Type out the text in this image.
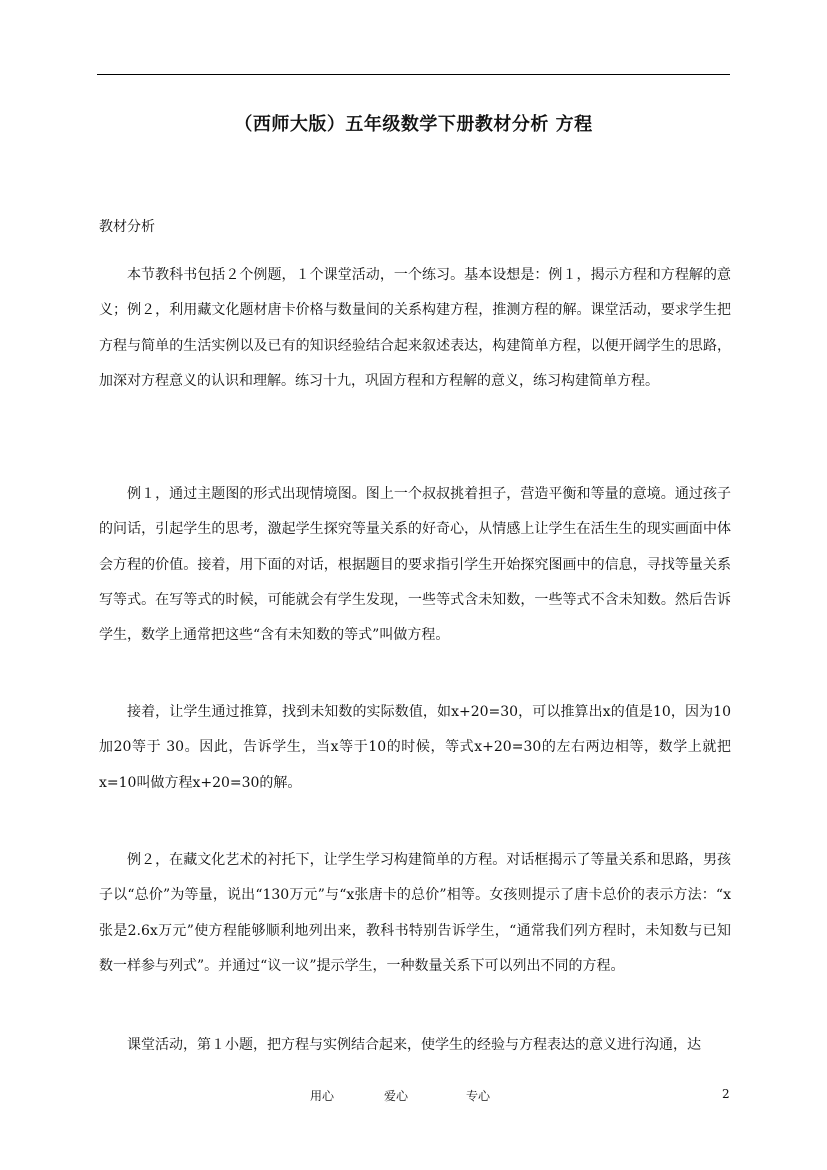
（西师大版）五年级数学下册教材分析 方程
教材分析

本节教科书包括２个例题，１个课堂活动，一个练习。基本设想是：例１，揭示方程和方程解的意义；例２，利用藏文化题材唐卡价格与数量间的关系构建方程，推测方程的解。课堂活动，要求学生把方程与简单的生活实例以及已有的知识经验结合起来叙述表达，构建简单方程，以便开阔学生的思路，加深对方程意义的认识和理解。练习十九，巩固方程和方程解的意义，练习构建简单方程。

例１，通过主题图的形式出现情境图。图上一个叔叔挑着担子，营造平衡和等量的意境。通过孩子的问话，引起学生的思考，激起学生探究等量关系的好奇心，从情感上让学生在活生生的现实画面中体会方程的价值。接着，用下面的对话，根据题目的要求指引学生开始探究图画中的信息，寻找等量关系写等式。在写等式的时候，可能就会有学生发现，一些等式含未知数，一些等式不含未知数。然后告诉学生，数学上通常把这些“含有未知数的等式”叫做方程。

接着，让学生通过推算，找到未知数的实际数值，如x+20=30，可以推算出x的值是10，因为10加20等于 30。因此，告诉学生，当x等于10的时候，等式x+20=30的左右两边相等，数学上就把x=10叫做方程x+20=30的解。

例２，在藏文化艺术的衬托下，让学生学习构建简单的方程。对话框揭示了等量关系和思路，男孩子以“总价”为等量，说出“130万元”与“x张唐卡的总价”相等。女孩则提示了唐卡总价的表示方法：“x张是2.6x万元”使方程能够顺利地列出来，教科书特别告诉学生，“通常我们列方程时，未知数与已知数一样参与列式”。并通过“议一议”提示学生，一种数量关系下可以列出不同的方程。

课堂活动，第１小题，把方程与实例结合起来，使学生的经验与方程表达的意义进行沟通，达

用心	爱心	专心	2
